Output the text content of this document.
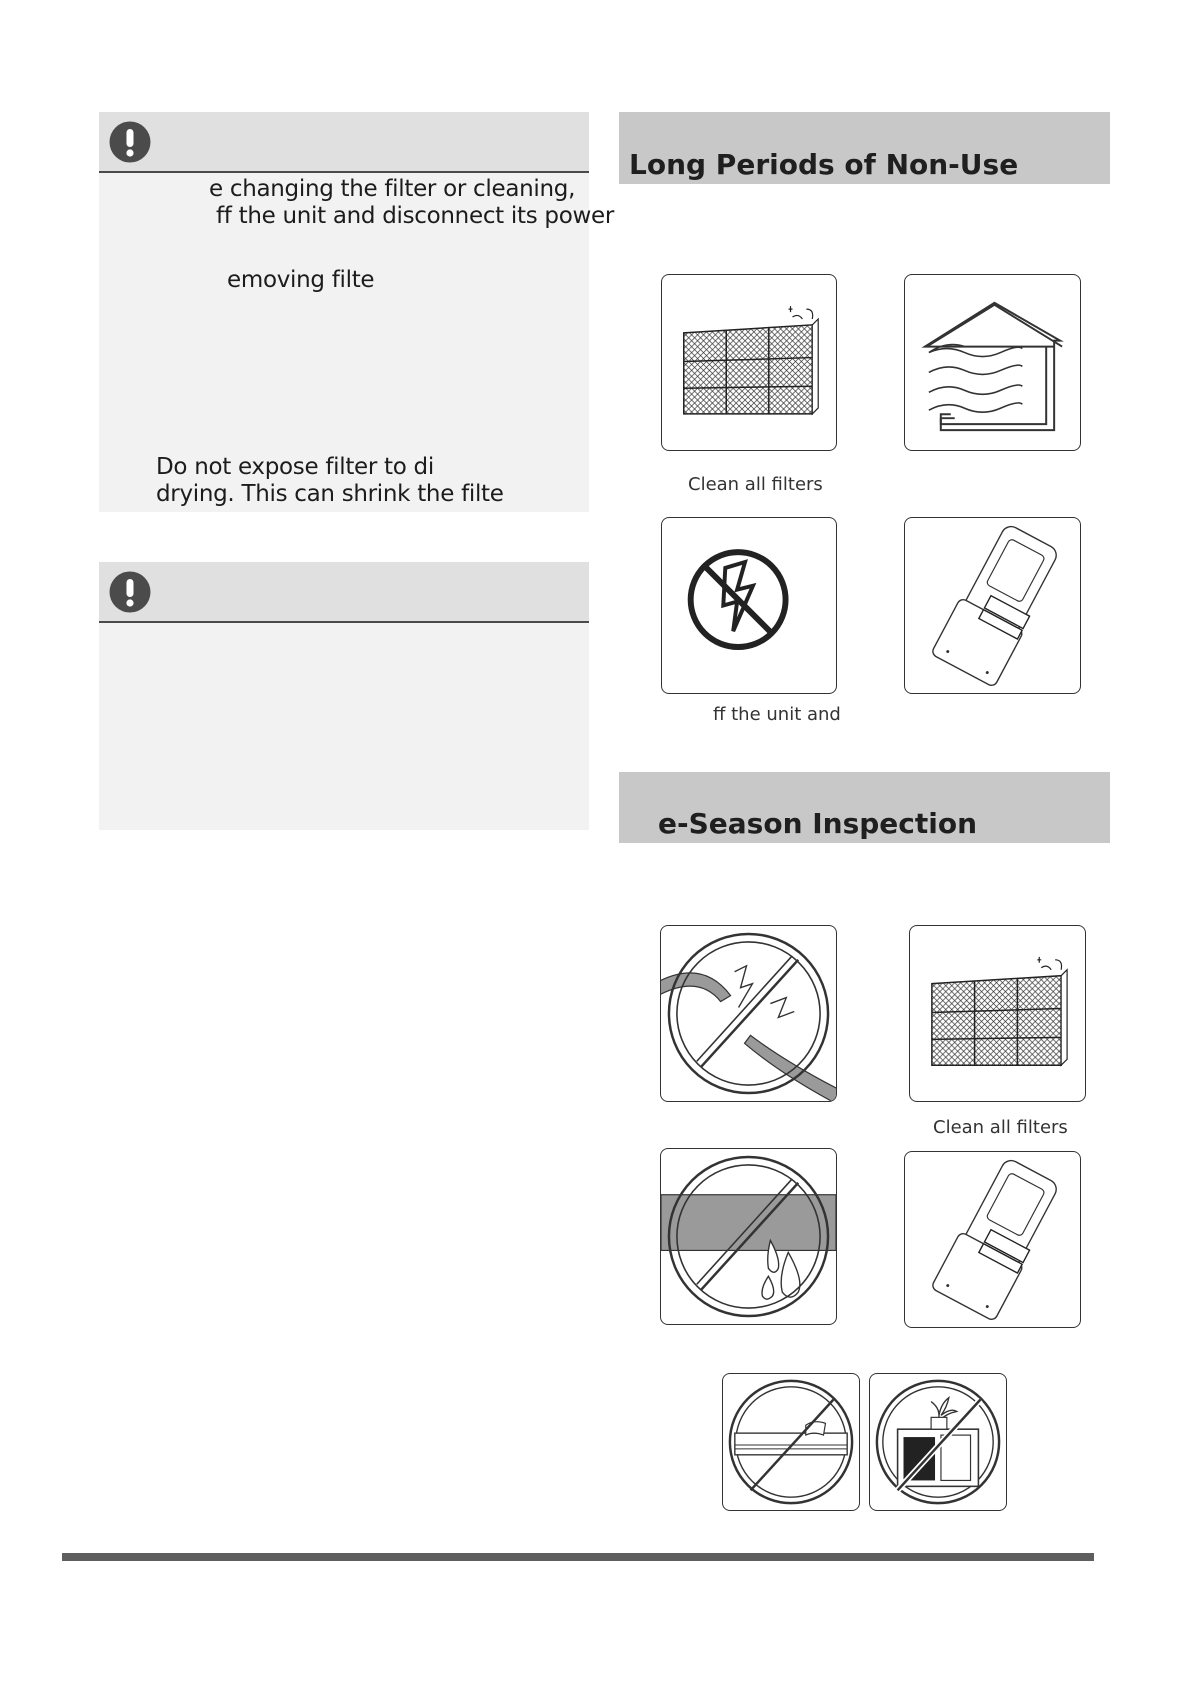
e changing the filter or cleaning,
ff the unit and disconnect its power
emoving filte
Do not expose filter to di
drying. This can shrink the filte
Long Periods of Non-Use
Clean all filters
ff the unit and
e-Season Inspection
Clean all filters
